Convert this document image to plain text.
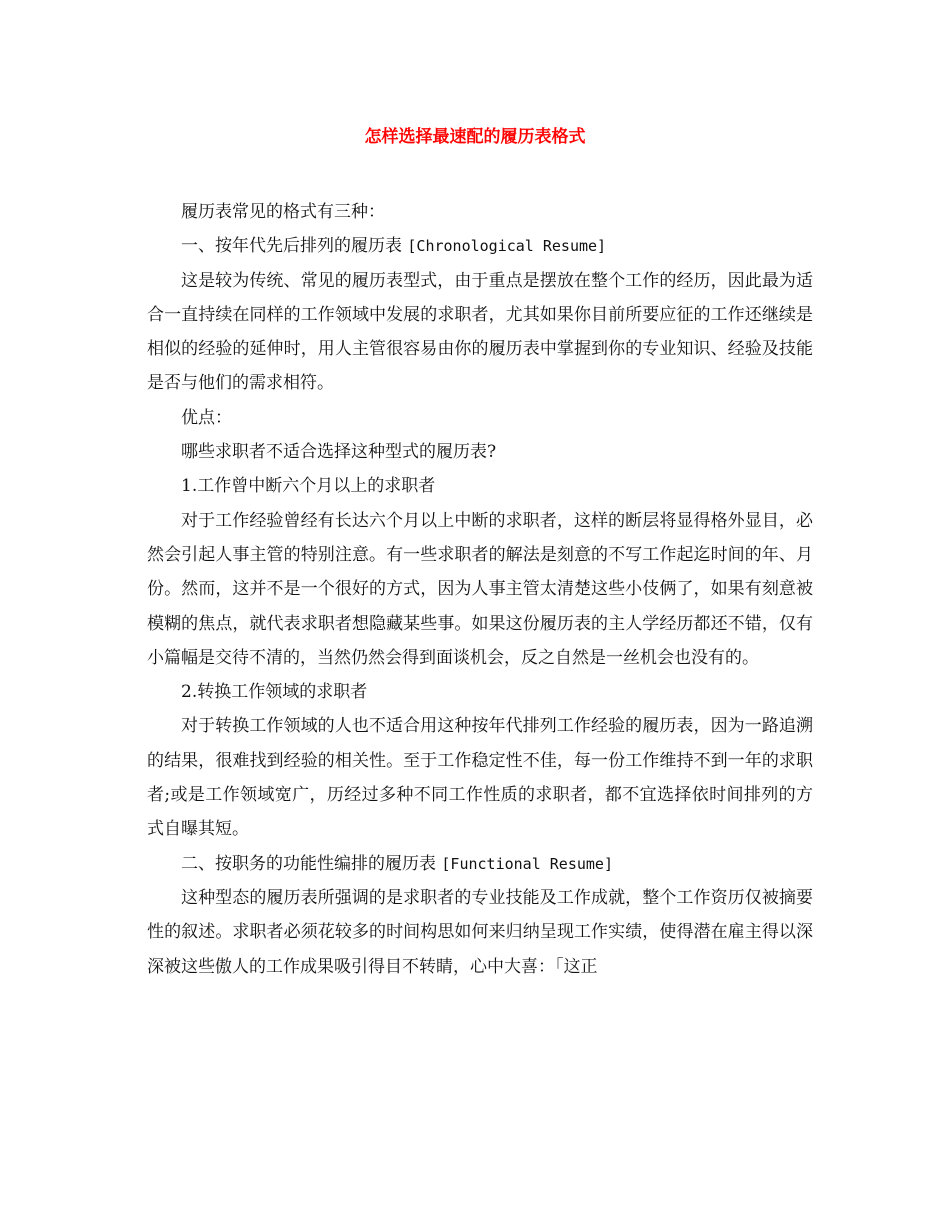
怎样选择最速配的履历表格式

履历表常见的格式有三种：

一、按年代先后排列的履历表 [Chronological Resume]

这是较为传统、常见的履历表型式，由于重点是摆放在整个工作的经历，因此最为适合一直持续在同样的工作领域中发展的求职者，尤其如果你目前所要应征的工作还继续是相似的经验的延伸时，用人主管很容易由你的履历表中掌握到你的专业知识、经验及技能是否与他们的需求相符。

优点：

哪些求职者不适合选择这种型式的履历表?

1.工作曾中断六个月以上的求职者

对于工作经验曾经有长达六个月以上中断的求职者，这样的断层将显得格外显目，必然会引起人事主管的特别注意。有一些求职者的解法是刻意的不写工作起迄时间的年、月份。然而，这并不是一个很好的方式，因为人事主管太清楚这些小伎俩了，如果有刻意被模糊的焦点，就代表求职者想隐藏某些事。如果这份履历表的主人学经历都还不错，仅有小篇幅是交待不清的，当然仍然会得到面谈机会，反之自然是一丝机会也没有的。

2.转换工作领域的求职者

对于转换工作领域的人也不适合用这种按年代排列工作经验的履历表，因为一路追溯的结果，很难找到经验的相关性。至于工作稳定性不佳，每一份工作维持不到一年的求职者;或是工作领域宽广，历经过多种不同工作性质的求职者，都不宜选择依时间排列的方式自曝其短。

二、按职务的功能性编排的履历表 [Functional Resume]

这种型态的履历表所强调的是求职者的专业技能及工作成就，整个工作资历仅被摘要性的叙述。求职者必须花较多的时间构思如何来归纳呈现工作实绩，使得潜在雇主得以深深被这些傲人的工作成果吸引得目不转睛，心中大喜：「这正
